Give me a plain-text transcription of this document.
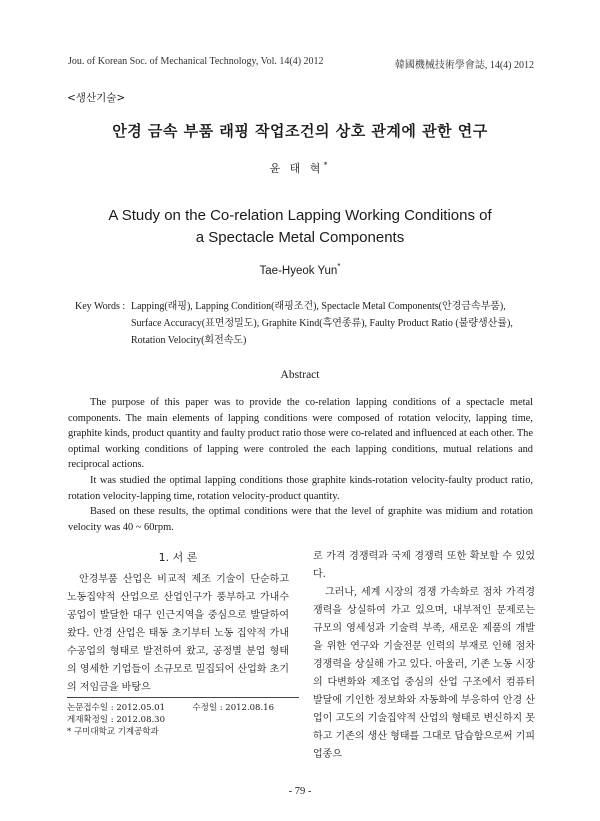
Jou. of Korean Soc. of Mechanical Technology, Vol. 14(4) 2012	韓國機械技術學會誌, 14(4) 2012
<생산기술>
안경 금속 부품 래핑 작업조건의 상호 관계에 관한 연구
윤 태 혁*
A Study on the Co-relation Lapping Working Conditions of
a Spectacle Metal Components
Tae-Hyeok Yun*
Key Words : Lapping(래핑), Lapping Condition(래핑조건), Spectacle Metal Components(안경금속부품),
Surface Accuracy(표면정밀도), Graphite Kind(흑연종류), Faulty Product Ratio (불량생산률),
Rotation Velocity(회전속도)
Abstract

The purpose of this paper was to provide the co-relation lapping conditions of a spectacle metal components. The main elements of lapping conditions were composed of rotation velocity, lapping time, graphite kinds, product quantity and faulty product ratio those were co-related and influenced at each other. The optimal working conditions of lapping were controled the each lapping conditions, mutual relations and reciprocal actions.

It was studied the optimal lapping conditions those graphite kinds-rotation velocity-faulty product ratio, rotation velocity-lapping time, rotation velocity-product quantity.

Based on these results, the optimal conditions were that the level of graphite was midium and rotation velocity was 40 ~ 60rpm.

1. 서 론

안경부품 산업은 비교적 제조 기술이 단순하고 노동집약적 산업으로 산업인구가 풍부하고 가내수공업이 발달한 대구 인근지역을 중심으로 발달하여 왔다. 안경 산업은 태동 초기부터 노동 집약적 가내 수공업의 형태로 발전하여 왔고, 공정별 분업 형태의 영세한 기업들이 소규모로 밀집되어 산업화 초기의 저임금을 바탕으

로 가격 경쟁력과 국제 경쟁력 또한 확보할 수 있었다.

그러나, 세계 시장의 경쟁 가속화로 점차 가격경쟁력을 상실하여 가고 있으며, 내부적인 문제로는 규모의 영세성과 기술력 부족, 새로운 제품의 개발을 위한 연구와 기술전문 인력의 부재로 인해 점차 경쟁력을 상실해 가고 있다. 아울러, 기존 노동 시장의 다변화와 제조업 중심의 산업 구조에서 컴퓨터 발달에 기인한 정보화와 자동화에 부응하여 안경 산업이 고도의 기술집약적 산업의 형태로 변신하지 못하고 기존의 생산 형태를 그대로 답습함으로써 기피 업종으

논문접수일 : 2012.05.01	수정일 : 2012.08.16
게재확정일 : 2012.08.30
* 구미대학교 기계공학과
- 79 -
